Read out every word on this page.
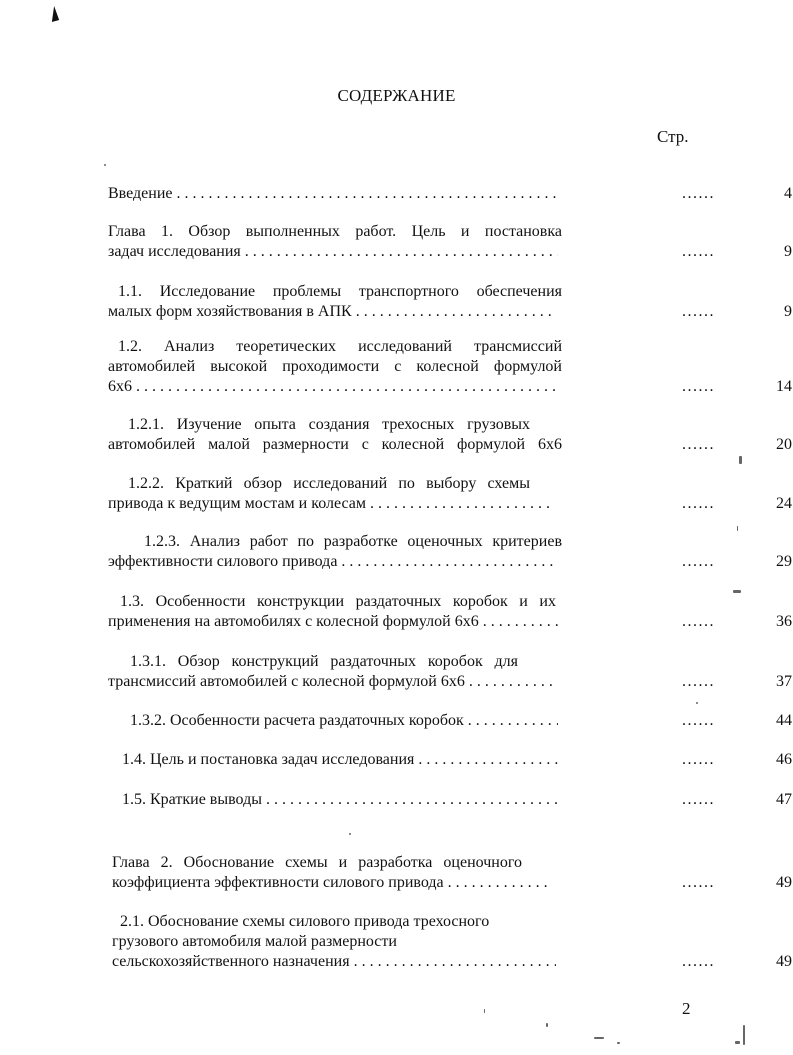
СОДЕРЖАНИЕ
Стр.
Введение . . .	......	4
Глава 1. Обзор выполненных работ. Цель и постановка
задач исследования . . .	......	9
1.1. Исследование проблемы транспортного обеспечения
малых форм хозяйствования в АПК . . .	......	9
1.2. Анализ теоретических исследований трансмиссий
автомобилей высокой проходимости с колесной формулой
6х6 . . .	......	14
1.2.1. Изучение опыта создания трехосных грузовых
автомобилей малой размерности с колесной формулой 6х6	......	20
1.2.2. Краткий обзор исследований по выбору схемы
привода к ведущим мостам и колесам . . .	......	24
1.2.3. Анализ работ по разработке оценочных критериев
эффективности силового привода . . .	......	29
1.3. Особенности конструкции раздаточных коробок и их
применения на автомобилях с колесной формулой 6х6 . . .	......	36
1.3.1. Обзор конструкций раздаточных коробок для
трансмиссий автомобилей с колесной формулой 6х6 . . .	......	37
1.3.2. Особенности расчета раздаточных коробок . . .	......	44
1.4. Цель и постановка задач исследования . . .	......	46
1.5. Краткие выводы . . .	......	47
Глава 2. Обоснование схемы и разработка оценочного
коэффициента эффективности силового привода . . .	......	49
2.1. Обоснование схемы силового привода трехосного
грузового автомобиля малой размерности
сельскохозяйственного назначения . . .	......	49
2
